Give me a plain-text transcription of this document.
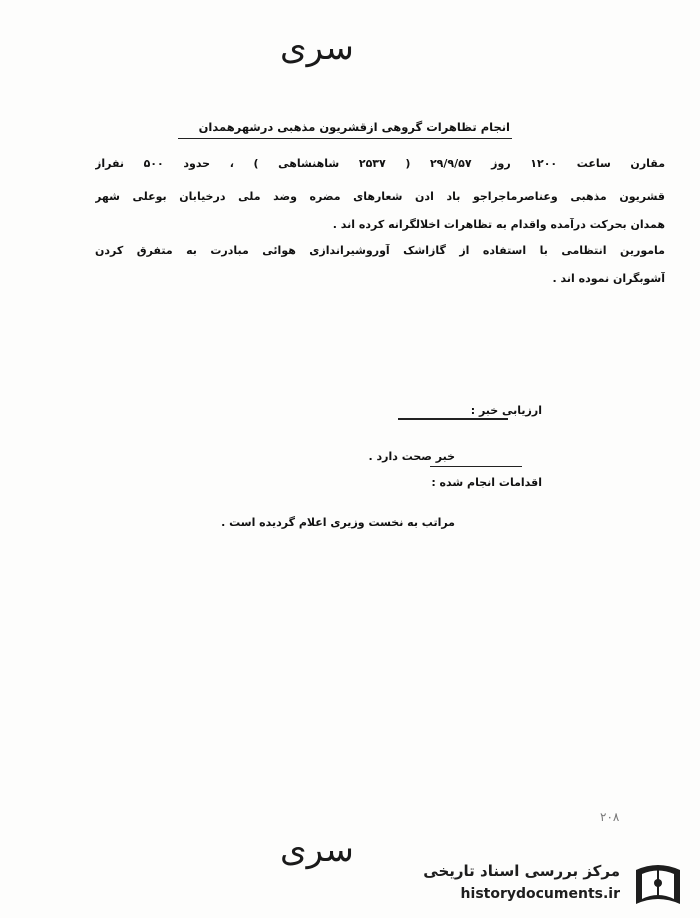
سری
انجام تظاهرات گروهی ازقشریون مذهبی درشهرهمدان
مقارن ساعت ۱۲۰۰ روز ۲۹/۹/۵۷ ( ۲۵۳۷ شاهنشاهی ) ، حدود ۵۰۰ نفراز
قشریون مذهبی وعناصرماجراجو باد ادن شعارهای مضره وضد ملی درخیابان بوعلی شهر
همدان بحرکت درآمده واقدام به تظاهرات اخلالگرانه کرده اند .
مامورین انتظامی با استفاده از گازاشک آوروشیراندازی هوائی مبادرت به متفرق کردن
آشوبگران نموده اند .
ارزیابی خبر :
خبر صحت دارد .
اقدامات انجام شده :
مراتب به نخست وزیری اعلام گردیده است .
۲۰۸
سری
مرکز بررسی اسناد تاریخی
historydocuments.ir
